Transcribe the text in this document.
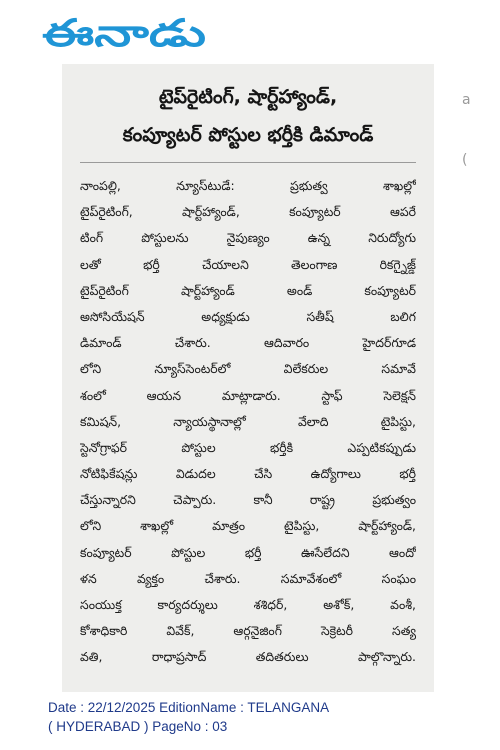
ఈనాడు

టైప్‌రైటింగ్‌, షార్ట్‌హ్యాండ్‌,

కంప్యూటర్‌ పోస్టుల భర్తీకి డిమాండ్‌

నాంపల్లి, న్యూస్‌టుడే: ప్రభుత్వ శాఖల్లో
టైప్‌రైటింగ్‌, షార్ట్‌హ్యాండ్‌, కంప్యూటర్‌ ఆపరే
టింగ్‌ పోస్టులను నైపుణ్యం ఉన్న నిరుద్యోగు
లతో భర్తీ చేయాలని తెలంగాణ రికగ్నైజ్డ్‌
టైప్‌రైటింగ్‌ షార్ట్‌హ్యాండ్‌ అండ్‌ కంప్యూటర్‌
అసోసియేషన్‌ అధ్యక్షుడు సతీష్‌ బలిగ
డిమాండ్‌ చేశారు. ఆదివారం హైదర్‌గూడ
లోని న్యూస్‌సెంటర్‌లో విలేకరుల సమావే
శంలో ఆయన మాట్లాడారు. స్టాఫ్‌ సెలెక్షన్‌
కమిషన్‌, న్యాయస్థానాల్లో వేలాది టైపిస్టు,
స్టెనోగ్రాఫర్‌ పోస్టుల భర్తీకి ఎప్పటికప్పుడు
నోటిఫికేషన్లు విడుదల చేసి ఉద్యోగాలు భర్తీ
చేస్తున్నారని చెప్పారు. కానీ రాష్ట్ర ప్రభుత్వం
లోని శాఖల్లో మాత్రం టైపిస్టు, షార్ట్‌హ్యాండ్‌,
కంప్యూటర్‌ పోస్టుల భర్తీ ఊసేలేదని ఆందో
ళన వ్యక్తం చేశారు. సమావేశంలో సంఘం
సంయుక్త కార్యదర్శులు శశిధర్‌, అశోక్‌, వంశీ,
కోశాధికారి వివేక్‌, ఆర్గనైజింగ్‌ సెక్రెటరీ సత్య
వతి, రాధాప్రసాద్‌ తదితరులు పాల్గొన్నారు.
a
(
Date : 22/12/2025 EditionName : TELANGANA
( HYDERABAD ) PageNo : 03
